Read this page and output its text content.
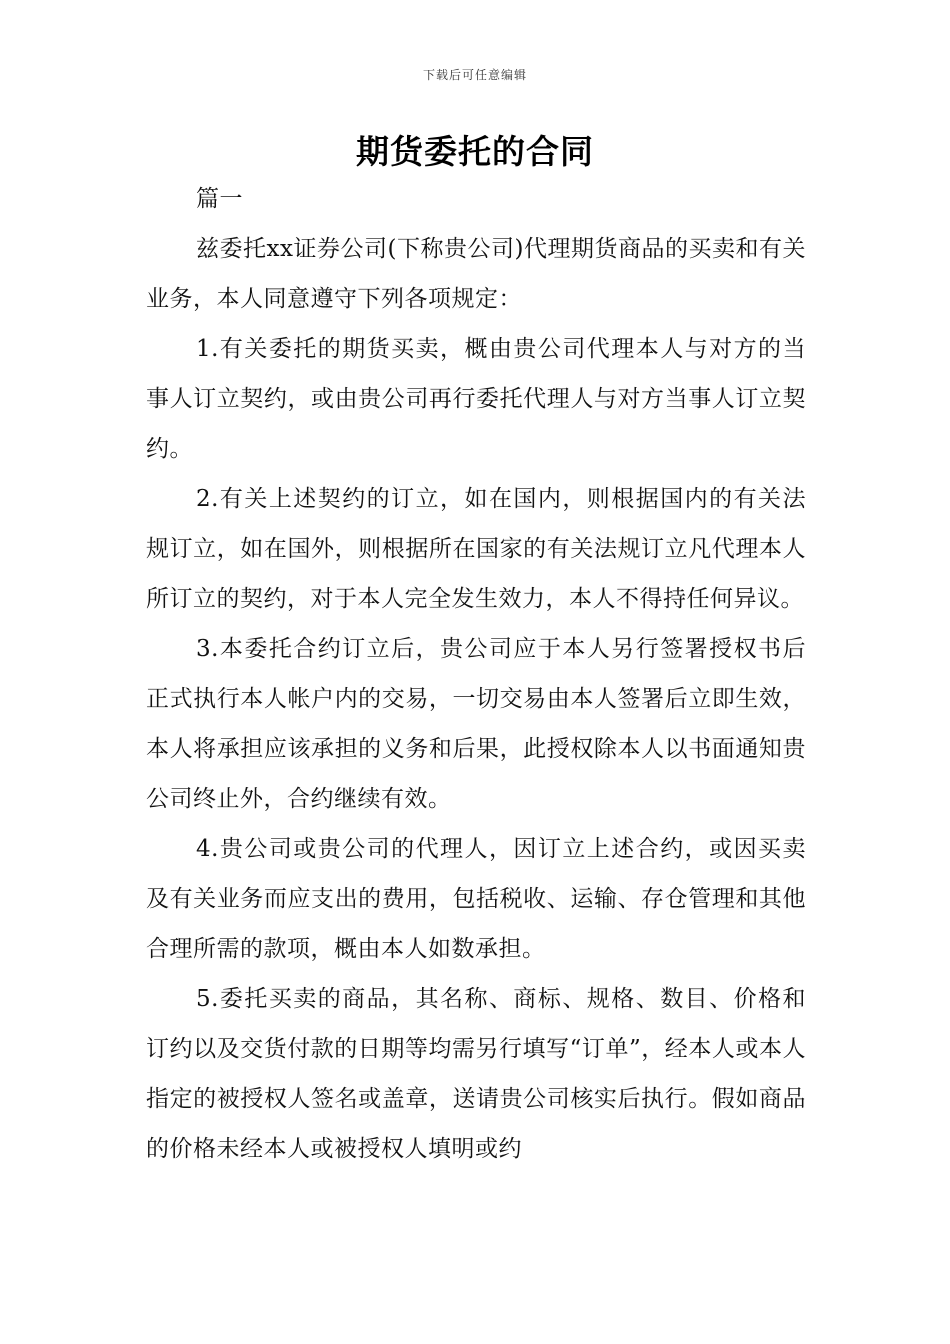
下载后可任意编辑
期货委托的合同

篇一

兹委托xx证券公司(下称贵公司)代理期货商品的买卖和有关业务，本人同意遵守下列各项规定：

1.有关委托的期货买卖，概由贵公司代理本人与对方的当事人订立契约，或由贵公司再行委托代理人与对方当事人订立契约。

2.有关上述契约的订立，如在国内，则根据国内的有关法规订立，如在国外，则根据所在国家的有关法规订立凡代理本人所订立的契约，对于本人完全发生效力，本人不得持任何异议。

3.本委托合约订立后，贵公司应于本人另行签署授权书后正式执行本人帐户内的交易，一切交易由本人签署后立即生效，本人将承担应该承担的义务和后果，此授权除本人以书面通知贵公司终止外，合约继续有效。

4.贵公司或贵公司的代理人，因订立上述合约，或因买卖及有关业务而应支出的费用，包括税收、运输、存仓管理和其他合理所需的款项，概由本人如数承担。

5.委托买卖的商品，其名称、商标、规格、数目、价格和订约以及交货付款的日期等均需另行填写“订单”，经本人或本人指定的被授权人签名或盖章，送请贵公司核实后执行。假如商品的价格未经本人或被授权人填明或约
